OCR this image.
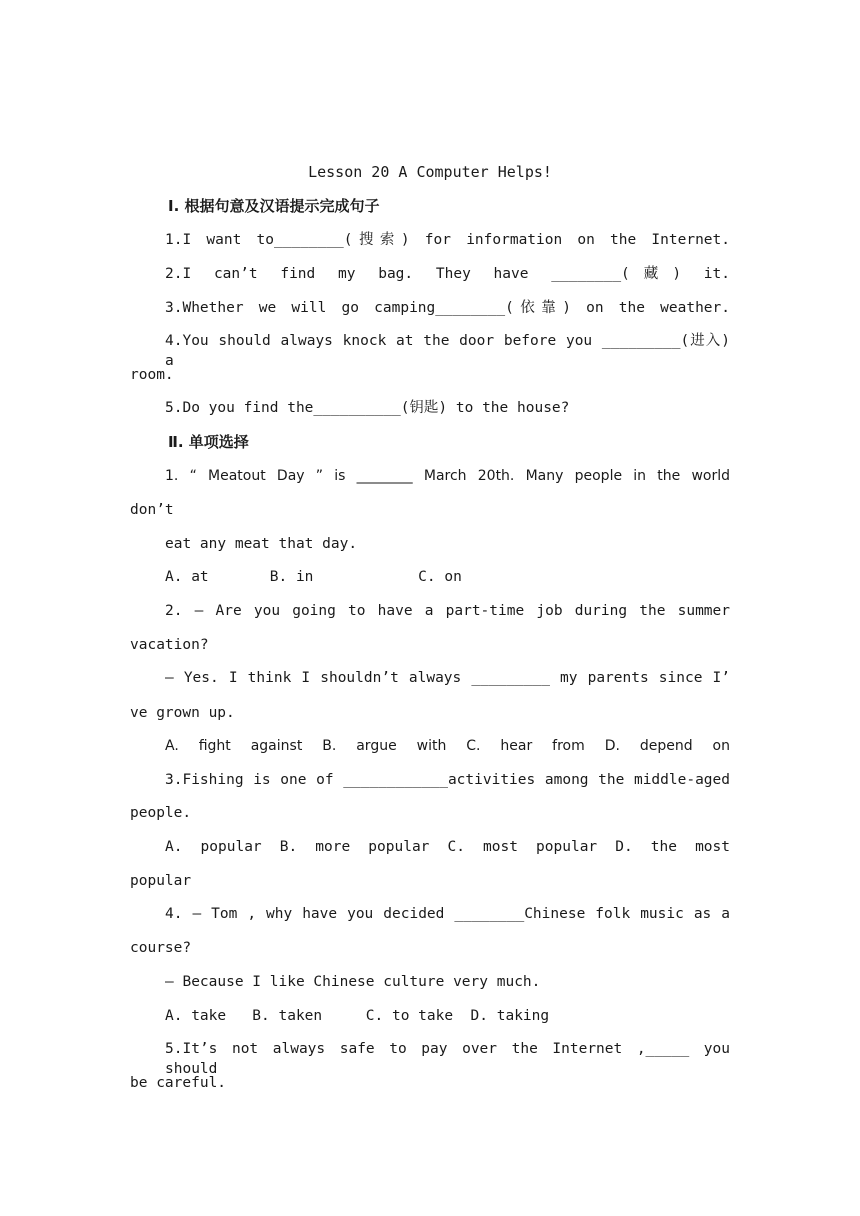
Lesson 20 A Computer Helps!
Ⅰ. 根据句意及汉语提示完成句子
1.I want to________(搜索) for information on the Internet.
2.I can’t find my bag. They have ________(藏) it.
3.Whether we will go camping________(依靠) on the weather.
4.You should always knock at the door before you _________(进入) a
room.
5.Do you find the__________(钥匙) to the house?
Ⅱ. 单项选择
1. “ Meatout Day ” is ________ March 20th. Many people in the world
don’t
eat any meat that day.
A. at       B. in            C. on
2. — Are you going to have a part-time job during the summer
vacation?
— Yes. I think I shouldn’t always _________ my parents since I’
ve grown up.
A. fight against B. argue with C. hear from D. depend on
3.Fishing is one of ____________activities among the middle-aged
people.
A. popular B. more popular C. most popular D. the most
popular
4. — Tom , why have you decided ________Chinese folk music as a
course?
— Because I like Chinese culture very much.
A. take   B. taken     C. to take  D. taking
5.It’s not always safe to pay over the Internet ,_____ you should
be careful.
